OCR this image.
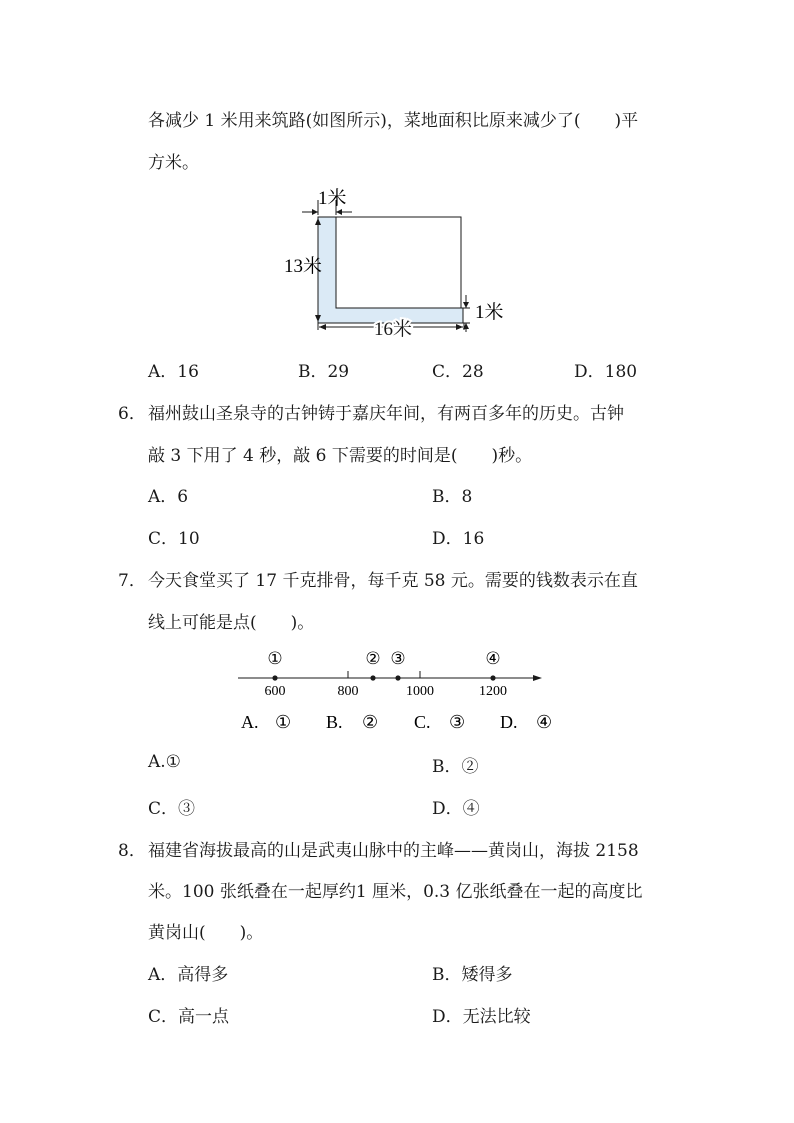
各减少 1 米用来筑路(如图所示)，菜地面积比原来减少了(　　)平
方米。
1米
13米
16米
1米
A．16	B．29	C．28	D．180
6． 福州鼓山圣泉寺的古钟铸于嘉庆年间，有两百多年的历史。古钟
敲 3 下用了 4 秒，敲 6 下需要的时间是(　　)秒。
A．6	B．8
C．10	D．16
7． 今天食堂买了 17 千克排骨，每千克 58 元。需要的钱数表示在直
线上可能是点(　　)。
①	② ③	④
600	800	1000	1200
A. ① B. ② C. ③ D. ④
A.①	B．②
C．③	D．④
8． 福建省海拔最高的山是武夷山脉中的主峰——黄岗山，海拔 2158
米。100 张纸叠在一起厚约1 厘米，0.3 亿张纸叠在一起的高度比
黄岗山(　　)。
A．高得多	B．矮得多
C．高一点	D．无法比较
